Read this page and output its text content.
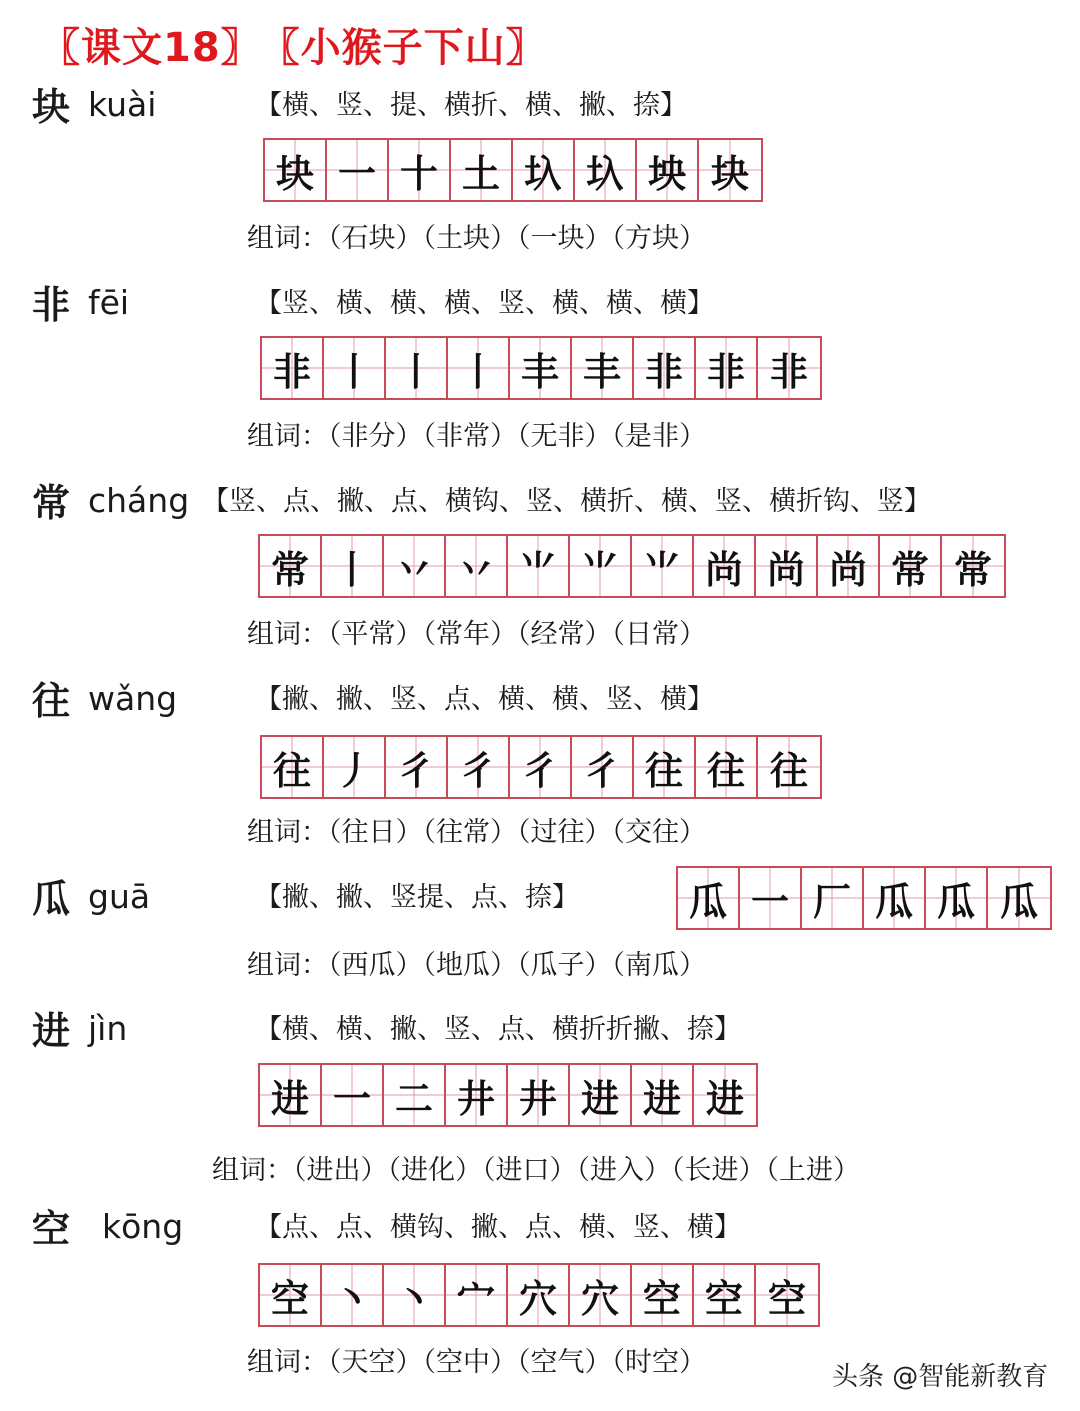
〖课文18〗 〖小猴子下山〗
块 kuài	【横、竖、提、横折、横、撇、捺】
块 一 十 土 圦 圦 坱 块
组词：（石块）（土块）（一块）（方块）
非 fēi	【竖、横、横、横、竖、横、横、横】
非 丨 丨 丨 丰 丰 非 非 非
组词：（非分）（非常）（无非）（是非）
常 cháng 【竖、点、撇、点、横钩、竖、横折、横、竖、横折钩、竖】
常 丨 丷 丷 ⺌ ⺌ ⺌ 尚 尚 尚 常 常
组词：（平常）（常年）（经常）（日常）
往 wǎng	【撇、撇、竖、点、横、横、竖、横】
往 丿 彳 彳 彳 彳 往 往 往
组词：（往日）（往常）（过往）（交往）
瓜 guā	【撇、撇、竖提、点、捺】	瓜 一 厂 瓜 瓜 瓜
组词：（西瓜）（地瓜）（瓜子）（南瓜）
进 jìn	【横、横、撇、竖、点、横折折撇、捺】
进 一 二 井 井 进 进 进
组词：（进出）（进化）（进口）（进入）（长进）（上进）
空 kōng	【点、点、横钩、撇、点、横、竖、横】
空 丶 丶 宀 穴 穴 空 空 空
组词：（天空）（空中）（空气）（时空）	头条 @智能新教育
